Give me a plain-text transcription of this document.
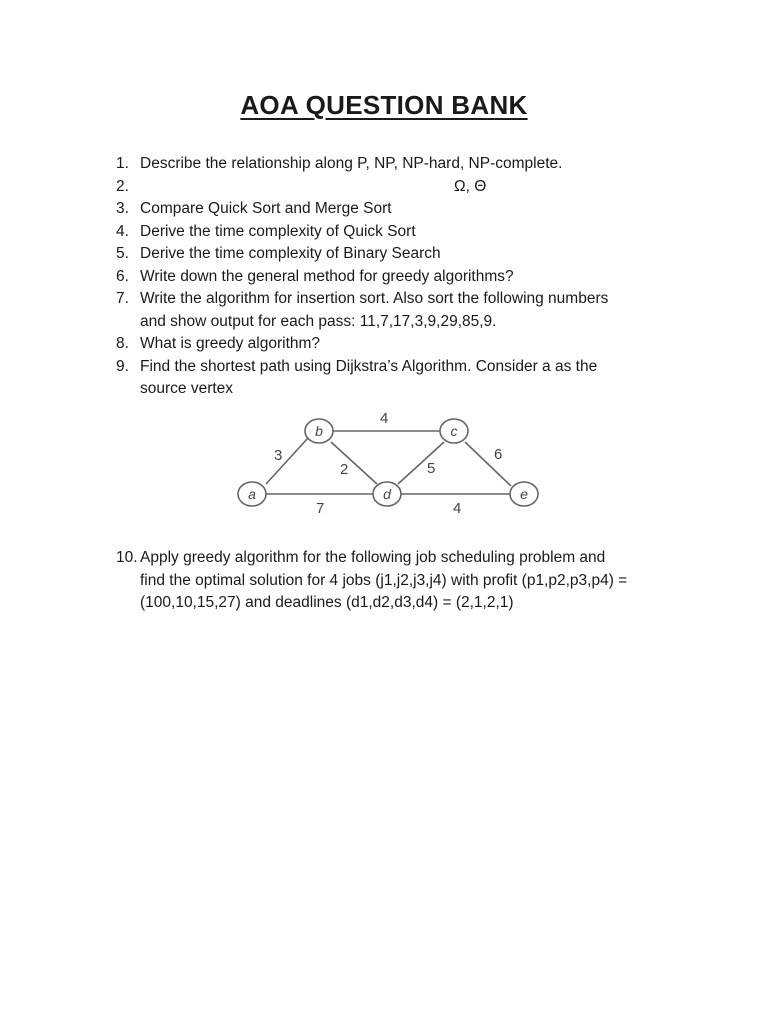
AOA QUESTION BANK
1. Describe the relationship along P, NP, NP-hard, NP-complete.
2.	Ω, Θ
3. Compare Quick Sort and Merge Sort
4. Derive the time complexity of Quick Sort
5. Derive the time complexity of Binary Search
6. Write down the general method for greedy algorithms?
7. Write the algorithm for insertion sort. Also sort the following numbers
and show output for each pass: 11,7,17,3,9,29,85,9.
8. What is greedy algorithm?
9. Find the shortest path using Dijkstra’s Algorithm. Consider a as the
source vertex
3
4
2	5
6
7	4
a
b	c
d	e
10. Apply greedy algorithm for the following job scheduling problem and
find the optimal solution for 4 jobs (j1,j2,j3,j4) with profit (p1,p2,p3,p4) =
(100,10,15,27) and deadlines (d1,d2,d3,d4) = (2,1,2,1)
